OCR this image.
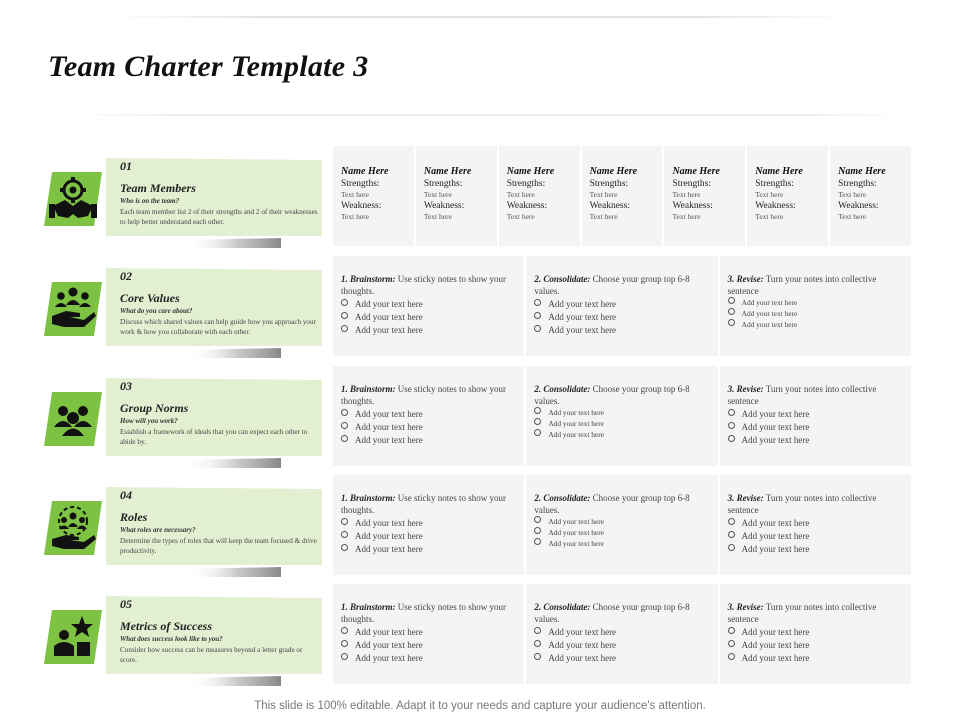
Team Charter Template 3
01
Team Members
Who is on the team?
Each team member list 2 of their strengths and 2 of their weaknesses to help better understand each other.
Name Here
Strengths:
Text here
Weakness:
Text here
Name Here
Strengths:
Text here
Weakness:
Text here
Name Here
Strengths:
Text here
Weakness:
Text here
Name Here
Strengths:
Text here
Weakness:
Text here
Name Here
Strengths:
Text here
Weakness:
Text here
Name Here
Strengths:
Text here
Weakness:
Text here
Name Here
Strengths:
Text here
Weakness:
Text here
02
Core Values
What do you care about?
Discuss which shared values can help guide how you approach your work & how you collaborate with each other.
1. Brainstorm: Use sticky notes to show your thoughts.
Add your text here
Add your text here
Add your text here
2. Consolidate: Choose your group top 6-8 values.
Add your text here
Add your text here
Add your text here
3. Revise: Turn your notes into collective sentence
Add your text here
Add your text here
Add your text here
03
Group Norms
How will you work?
Establish a framework of ideals that you can expect each other to abide by.
1. Brainstorm: Use sticky notes to show your thoughts.
Add your text here
Add your text here
Add your text here
2. Consolidate: Choose your group top 6-8 values.
Add your text here
Add your text here
Add your text here
3. Revise: Turn your notes into collective sentence
Add your text here
Add your text here
Add your text here
04
Roles
What roles are necessary?
Determine the types of roles that will keep the team focused & drive productivity.
1. Brainstorm: Use sticky notes to show your thoughts.
Add your text here
Add your text here
Add your text here
2. Consolidate: Choose your group top 6-8 values.
Add your text here
Add your text here
Add your text here
3. Revise: Turn your notes into collective sentence
Add your text here
Add your text here
Add your text here
05
Metrics of Success
What does success look like to you?
Consider how success can be measures beyond a letter grade or score.
1. Brainstorm: Use sticky notes to show your thoughts.
Add your text here
Add your text here
Add your text here
2. Consolidate: Choose your group top 6-8 values.
Add your text here
Add your text here
Add your text here
3. Revise: Turn your notes into collective sentence
Add your text here
Add your text here
Add your text here
This slide is 100% editable. Adapt it to your needs and capture your audience's attention.
